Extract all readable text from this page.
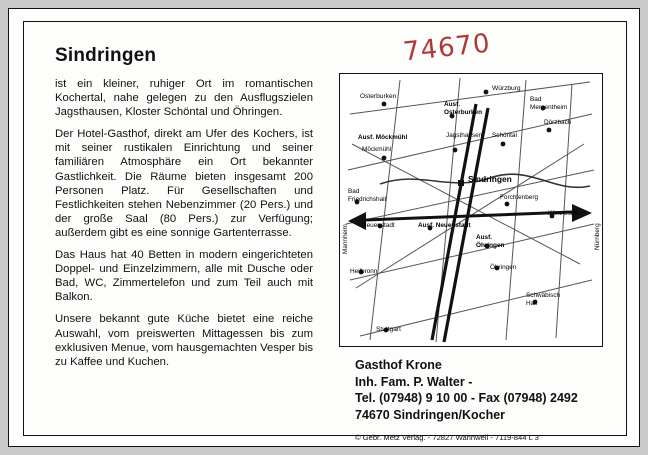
Sindringen	74670

ist ein kleiner, ruhiger Ort im romantischen Kochertal, nahe gelegen zu den Ausflugszielen Jagsthausen, Kloster Schöntal und Öhringen.

Der Hotel-Gasthof, direkt am Ufer des Kochers, ist mit seiner rustikalen Einrichtung und seiner familiären Atmosphäre ein Ort bekannter Gastlichkeit. Die Räume bieten insgesamt 200 Personen Platz. Für Gesellschaften und Festlichkeiten stehen Nebenzimmer (20 Pers.) und der große Saal (80 Pers.) zur Verfügung; außerdem gibt es eine sonnige Gartenterrasse.

Das Haus hat 40 Betten in modern eingerichteten Doppel- und Einzelzimmern, alle mit Dusche oder Bad, WC, Zimmertelefon und zum Teil auch mit Balkon.

Unsere bekannt gute Küche bietet eine reiche Auswahl, vom preiswerten Mittagessen bis zum exklusiven Menue, vom hausgemachten Vesper bis zu Kaffee und Kuchen.

Würzburg
Osterburken
Ausf. Osterburken
Bad Mergentheim
Dörzbach
Ausf. Möckmühl
Möckmühl
Jagsthausen Schöntal
Sindringen
Bad Friedrichshall	Forchtenberg
Neuenstadt	Ausf. Neuenstadt
Künzelsau
Ausf. Öhringen
Öhringen
Heilbronn
Schwäbisch Hall
Stuttgart
Mannheim	Nürnberg
Gasthof Krone
Inh. Fam. P. Walter -
Tel. (07948) 9 10 00 - Fax (07948) 2492
74670 Sindringen/Kocher
© Gebr. Metz Verlag. - 72827 Wannweil - 7119-844 L 3
